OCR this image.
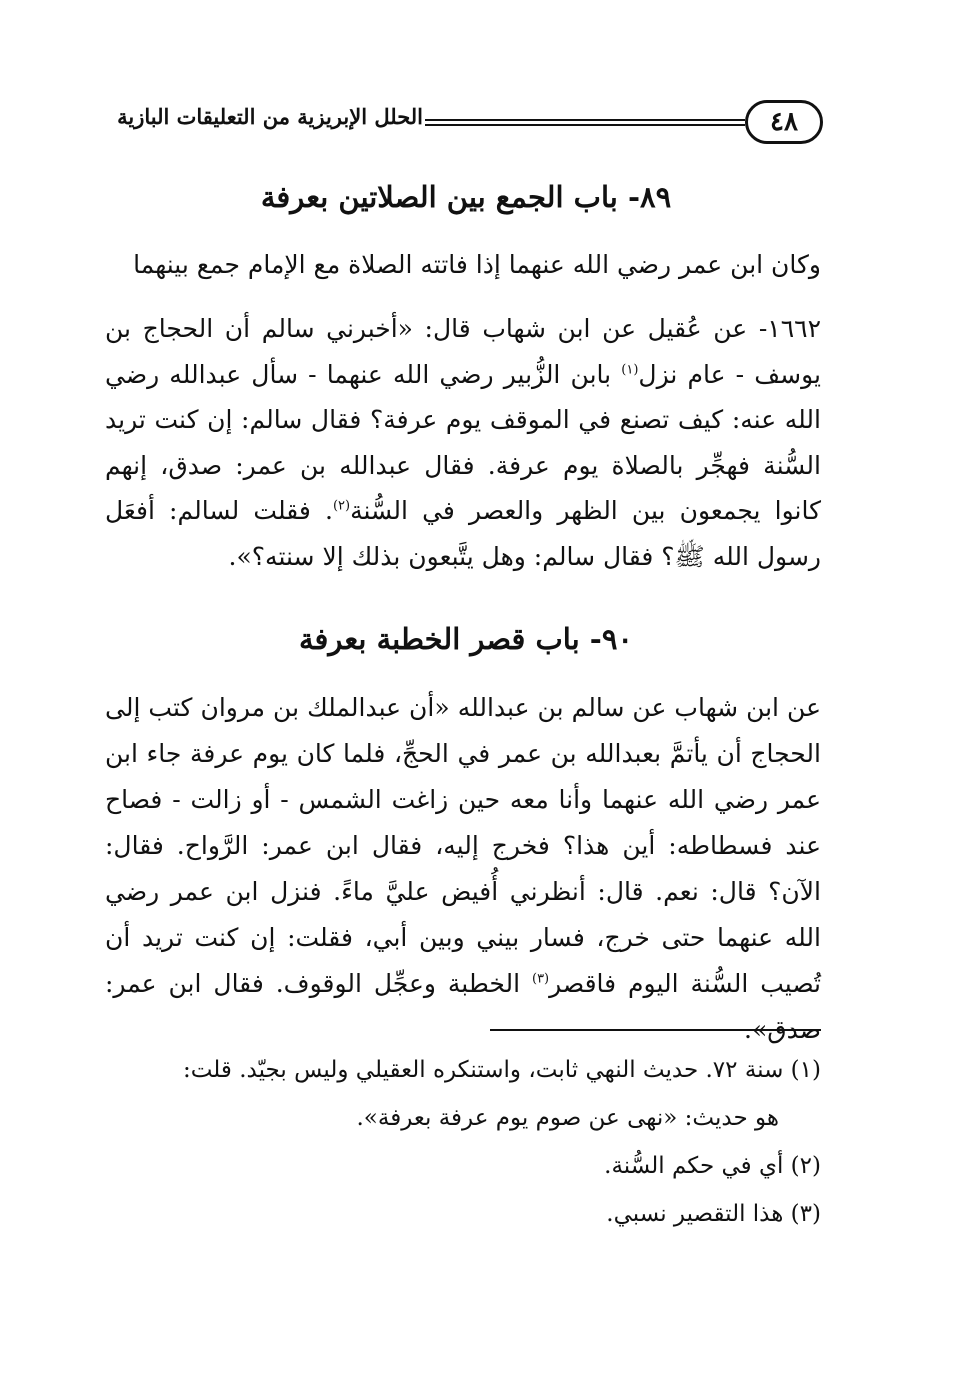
الحلل الإبريزية من التعليقات البازية	٤٨
٨٩- باب الجمع بين الصلاتين بعرفة
وكان ابن عمر رضي الله عنهما إذا فاتته الصلاة مع الإمام جمع بينهما
١٦٦٢- عن عُقيل عن ابن شهاب قال: «أخبرني سالم أن الحجاج بن يوسف - عام نزل$^{(١)}$ بابن الزُّبير رضي الله عنهما - سأل عبدالله رضي الله عنه: كيف تصنع في الموقف يوم عرفة؟ فقال سالم: إن كنت تريد السُّنة فهجِّر بالصلاة يوم عرفة. فقال عبدالله بن عمر: صدق، إنهم كانوا يجمعون بين الظهر والعصر في السُّنة$^{(٢)}$. فقلت لسالم: أفعَل رسول الله ﷺ؟ فقال سالم: وهل يتَّبعون بذلك إلا سنته؟».
٩٠- باب قصر الخطبة بعرفة
عن ابن شهاب عن سالم بن عبدالله «أن عبدالملك بن مروان كتب إلى الحجاج أن يأتمَّ بعبدالله بن عمر في الحجِّ، فلما كان يوم عرفة جاء ابن عمر رضي الله عنهما وأنا معه حين زاغت الشمس - أو زالت - فصاح عند فسطاطه: أين هذا؟ فخرج إليه، فقال ابن عمر: الرَّواح. فقال: الآن؟ قال: نعم. قال: أنظرني أُفيض عليَّ ماءً. فنزل ابن عمر رضي الله عنهما حتى خرج، فسار بيني وبين أبي، فقلت: إن كنت تريد أن تُصيب السُّنة اليوم فاقصر$^{(٣)}$ الخطبة وعجِّل الوقوف. فقال ابن عمر: صدق».
(١) سنة ٧٢. حديث النهي ثابت، واستنكره العقيلي وليس بجيّد. قلت:
هو حديث: «نهى عن صوم يوم عرفة بعرفة».
(٢) أي في حكم السُّنة.
(٣) هذا التقصير نسبي.
